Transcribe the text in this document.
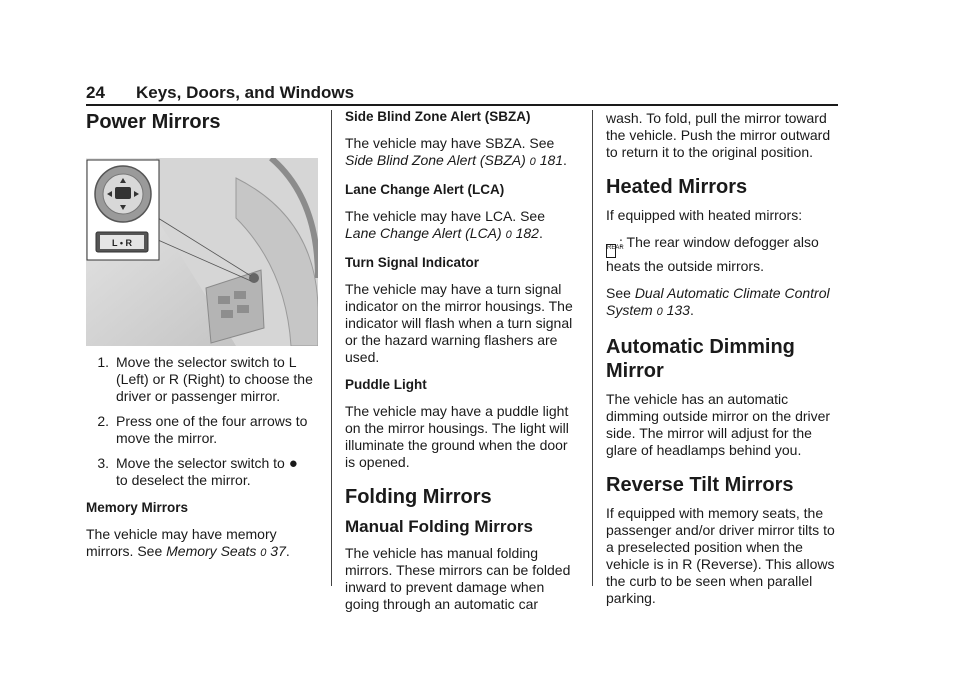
24 Keys, Doors, and Windows
Power Mirrors
L • R
1. Move the selector switch to L (Left) or R (Right) to choose the driver or passenger mirror.
2. Press one of the four arrows to move the mirror.
3. Move the selector switch to ●
to deselect the mirror.

Memory Mirrors

The vehicle may have memory mirrors. See Memory Seats 0 37.

Side Blind Zone Alert (SBZA)

The vehicle may have SBZA. See
Side Blind Zone Alert (SBZA) 0 181.

Lane Change Alert (LCA)

The vehicle may have LCA. See
Lane Change Alert (LCA) 0 182.

Turn Signal Indicator

The vehicle may have a turn signal indicator on the mirror housings. The indicator will flash when a turn signal or the hazard warning flashers are used.

Puddle Light

The vehicle may have a puddle light on the mirror housings. The light will illuminate the ground when the door is opened.

Folding Mirrors
Manual Folding Mirrors

The vehicle has manual folding mirrors. These mirrors can be folded inward to prevent damage when going through an automatic car

wash. To fold, pull the mirror toward the vehicle. Push the mirror outward to return it to the original position.

Heated Mirrors

If equipped with heated mirrors:

REAR: The rear window defogger also heats the outside mirrors.

See Dual Automatic Climate Control System 0 133.

Automatic Dimming Mirror

The vehicle has an automatic dimming outside mirror on the driver side. The mirror will adjust for the glare of headlamps behind you.

Reverse Tilt Mirrors

If equipped with memory seats, the passenger and/or driver mirror tilts to a preselected position when the vehicle is in R (Reverse). This allows the curb to be seen when parallel parking.
